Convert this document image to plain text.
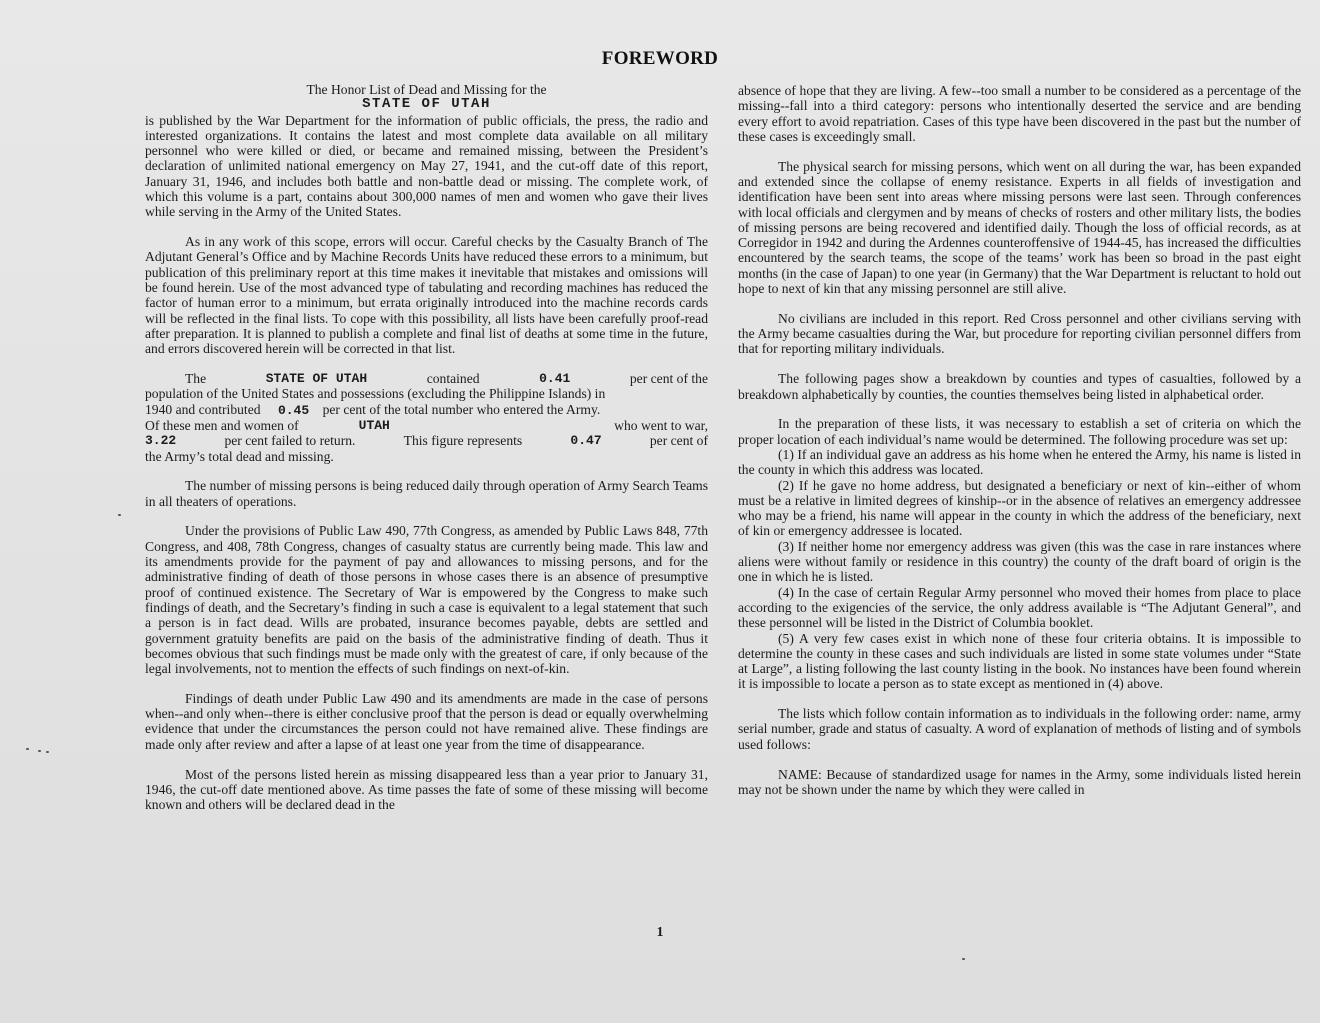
FOREWORD

The Honor List of Dead and Missing for the

STATE OF UTAH

is published by the War Department for the information of public officials, the press, the radio and interested organizations. It contains the latest and most complete data available on all military personnel who were killed or died, or became and remained missing, between the President’s declaration of unlimited national emergency on May 27, 1941, and the cut-off date of this report, January 31, 1946, and includes both battle and non-battle dead or missing. The complete work, of which this volume is a part, contains about 300,000 names of men and women who gave their lives while serving in the Army of the United States.

As in any work of this scope, errors will occur. Careful checks by the Casualty Branch of The Adjutant General’s Office and by Machine Records Units have reduced these errors to a minimum, but publication of this preliminary report at this time makes it inevitable that mistakes and omissions will be found herein. Use of the most advanced type of tabulating and recording machines has reduced the factor of human error to a minimum, but errata originally introduced into the machine records cards will be reflected in the final lists. To cope with this possibility, all lists have been carefully proof-read after preparation. It is planned to publish a complete and final list of deaths at some time in the future, and errors discovered herein will be corrected in that list.

The	STATE OF UTAH	contained	0.41	per cent of the
population of the United States and possessions (excluding the Philippine Islands) in
1940 and contributed 0.45 per cent of the total number who entered the Army.
Of these men and women of	UTAH	who went to war,
3.22	per cent failed to return.	This figure represents	0.47	per cent of
the Army’s total dead and missing.

The number of missing persons is being reduced daily through operation of Army Search Teams in all theaters of operations.

Under the provisions of Public Law 490, 77th Congress, as amended by Public Laws 848, 77th Congress, and 408, 78th Congress, changes of casualty status are currently being made. This law and its amendments provide for the payment of pay and allowances to missing persons, and for the administrative finding of death of those persons in whose cases there is an absence of presumptive proof of continued existence. The Secretary of War is empowered by the Congress to make such findings of death, and the Secretary’s finding in such a case is equivalent to a legal statement that such a person is in fact dead. Wills are probated, insurance becomes payable, debts are settled and government gratuity benefits are paid on the basis of the administrative finding of death. Thus it becomes obvious that such findings must be made only with the greatest of care, if only because of the legal involvements, not to mention the effects of such findings on next-of-kin.

Findings of death under Public Law 490 and its amendments are made in the case of persons when--and only when--there is either conclusive proof that the person is dead or equally overwhelming evidence that under the circumstances the person could not have remained alive. These findings are made only after review and after a lapse of at least one year from the time of disappearance.

Most of the persons listed herein as missing disappeared less than a year prior to January 31, 1946, the cut-off date mentioned above. As time passes the fate of some of these missing will become known and others will be declared dead in the

absence of hope that they are living. A few--too small a number to be considered as a percentage of the missing--fall into a third category: persons who intentionally deserted the service and are bending every effort to avoid repatriation. Cases of this type have been discovered in the past but the number of these cases is exceedingly small.

The physical search for missing persons, which went on all during the war, has been expanded and extended since the collapse of enemy resistance. Experts in all fields of investigation and identification have been sent into areas where missing persons were last seen. Through conferences with local officials and clergymen and by means of checks of rosters and other military lists, the bodies of missing persons are being recovered and identified daily. Though the loss of official records, as at Corregidor in 1942 and during the Ardennes counteroffensive of 1944-45, has increased the difficulties encountered by the search teams, the scope of the teams’ work has been so broad in the past eight months (in the case of Japan) to one year (in Germany) that the War Department is reluctant to hold out hope to next of kin that any missing personnel are still alive.

No civilians are included in this report. Red Cross personnel and other civilians serving with the Army became casualties during the War, but procedure for reporting civilian personnel differs from that for reporting military individuals.

The following pages show a breakdown by counties and types of casualties, followed by a breakdown alphabetically by counties, the counties themselves being listed in alphabetical order.

In the preparation of these lists, it was necessary to establish a set of criteria on which the proper location of each individual’s name would be determined. The following procedure was set up:

(1) If an individual gave an address as his home when he entered the Army, his name is listed in the county in which this address was located.

(2) If he gave no home address, but designated a beneficiary or next of kin--either of whom must be a relative in limited degrees of kinship--or in the absence of relatives an emergency addressee who may be a friend, his name will appear in the county in which the address of the beneficiary, next of kin or emergency addressee is located.

(3) If neither home nor emergency address was given (this was the case in rare instances where aliens were without family or residence in this country) the county of the draft board of origin is the one in which he is listed.

(4) In the case of certain Regular Army personnel who moved their homes from place to place according to the exigencies of the service, the only address available is “The Adjutant General”, and these personnel will be listed in the District of Columbia booklet.

(5) A very few cases exist in which none of these four criteria obtains. It is impossible to determine the county in these cases and such individuals are listed in some state volumes under “State at Large”, a listing following the last county listing in the book. No instances have been found wherein it is impossible to locate a person as to state except as mentioned in (4) above.

The lists which follow contain information as to individuals in the following order: name, army serial number, grade and status of casualty. A word of explanation of methods of listing and of symbols used follows:

NAME: Because of standardized usage for names in the Army, some individuals listed herein may not be shown under the name by which they were called in

1
